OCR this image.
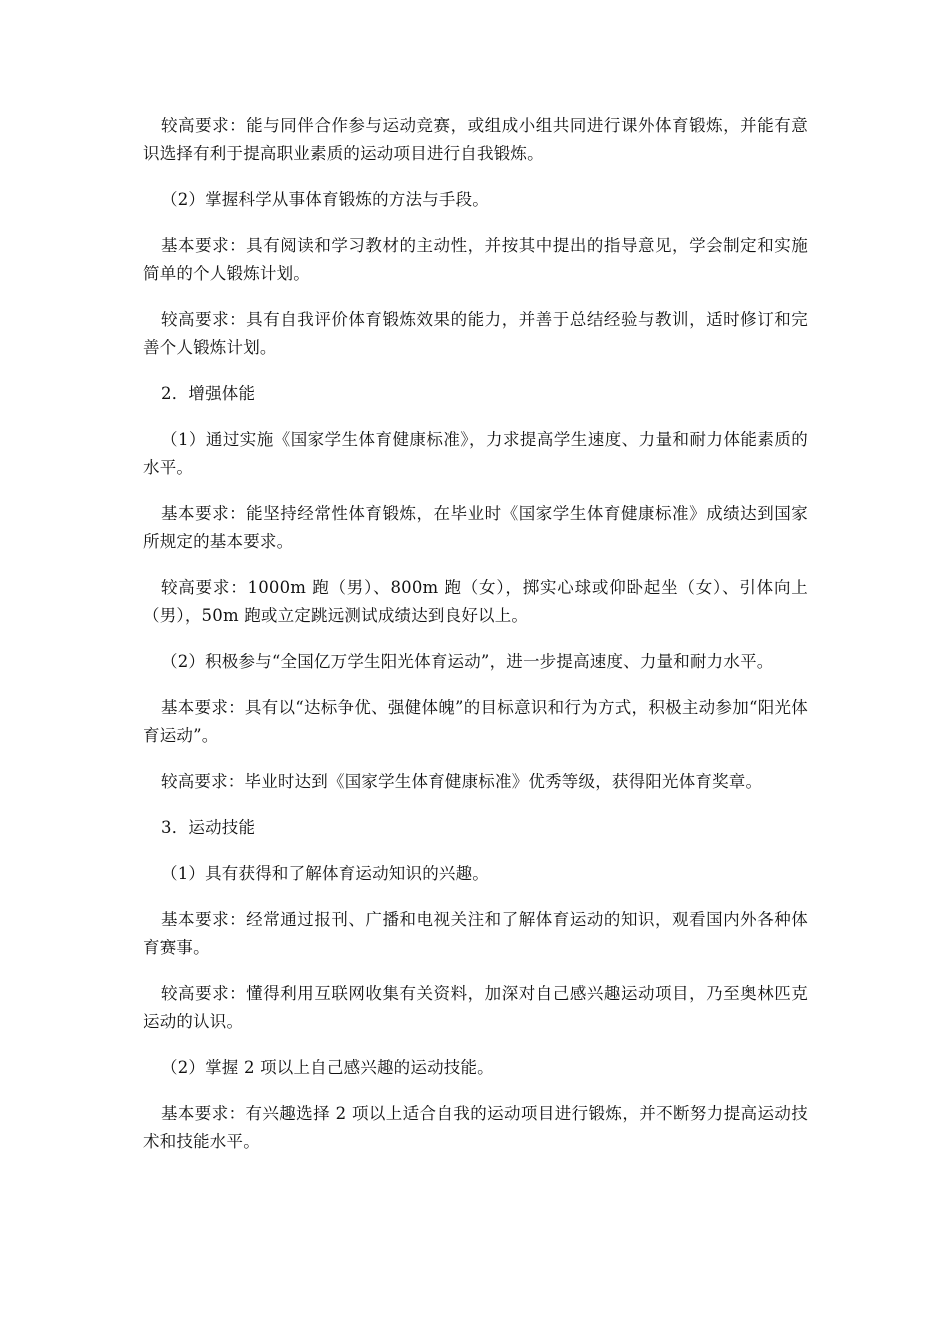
较高要求：能与同伴合作参与运动竞赛，或组成小组共同进行课外体育锻炼，并能有意识选择有利于提高职业素质的运动项目进行自我锻炼。

（2）掌握科学从事体育锻炼的方法与手段。

基本要求：具有阅读和学习教材的主动性，并按其中提出的指导意见，学会制定和实施简单的个人锻炼计划。

较高要求：具有自我评价体育锻炼效果的能力，并善于总结经验与教训，适时修订和完善个人锻炼计划。

2．增强体能

（1）通过实施《国家学生体育健康标准》，力求提高学生速度、力量和耐力体能素质的水平。

基本要求：能坚持经常性体育锻炼，在毕业时《国家学生体育健康标准》成绩达到国家所规定的基本要求。

较高要求：1000m 跑（男）、800m 跑（女），掷实心球或仰卧起坐（女）、引体向上（男），50m 跑或立定跳远测试成绩达到良好以上。

（2）积极参与“全国亿万学生阳光体育运动”，进一步提高速度、力量和耐力水平。

基本要求：具有以“达标争优、强健体魄”的目标意识和行为方式，积极主动参加“阳光体育运动”。

较高要求：毕业时达到《国家学生体育健康标准》优秀等级，获得阳光体育奖章。

3．运动技能

（1）具有获得和了解体育运动知识的兴趣。

基本要求：经常通过报刊、广播和电视关注和了解体育运动的知识，观看国内外各种体育赛事。

较高要求：懂得利用互联网收集有关资料，加深对自己感兴趣运动项目，乃至奥林匹克运动的认识。

（2）掌握 2 项以上自己感兴趣的运动技能。

基本要求：有兴趣选择 2 项以上适合自我的运动项目进行锻炼，并不断努力提高运动技术和技能水平。
